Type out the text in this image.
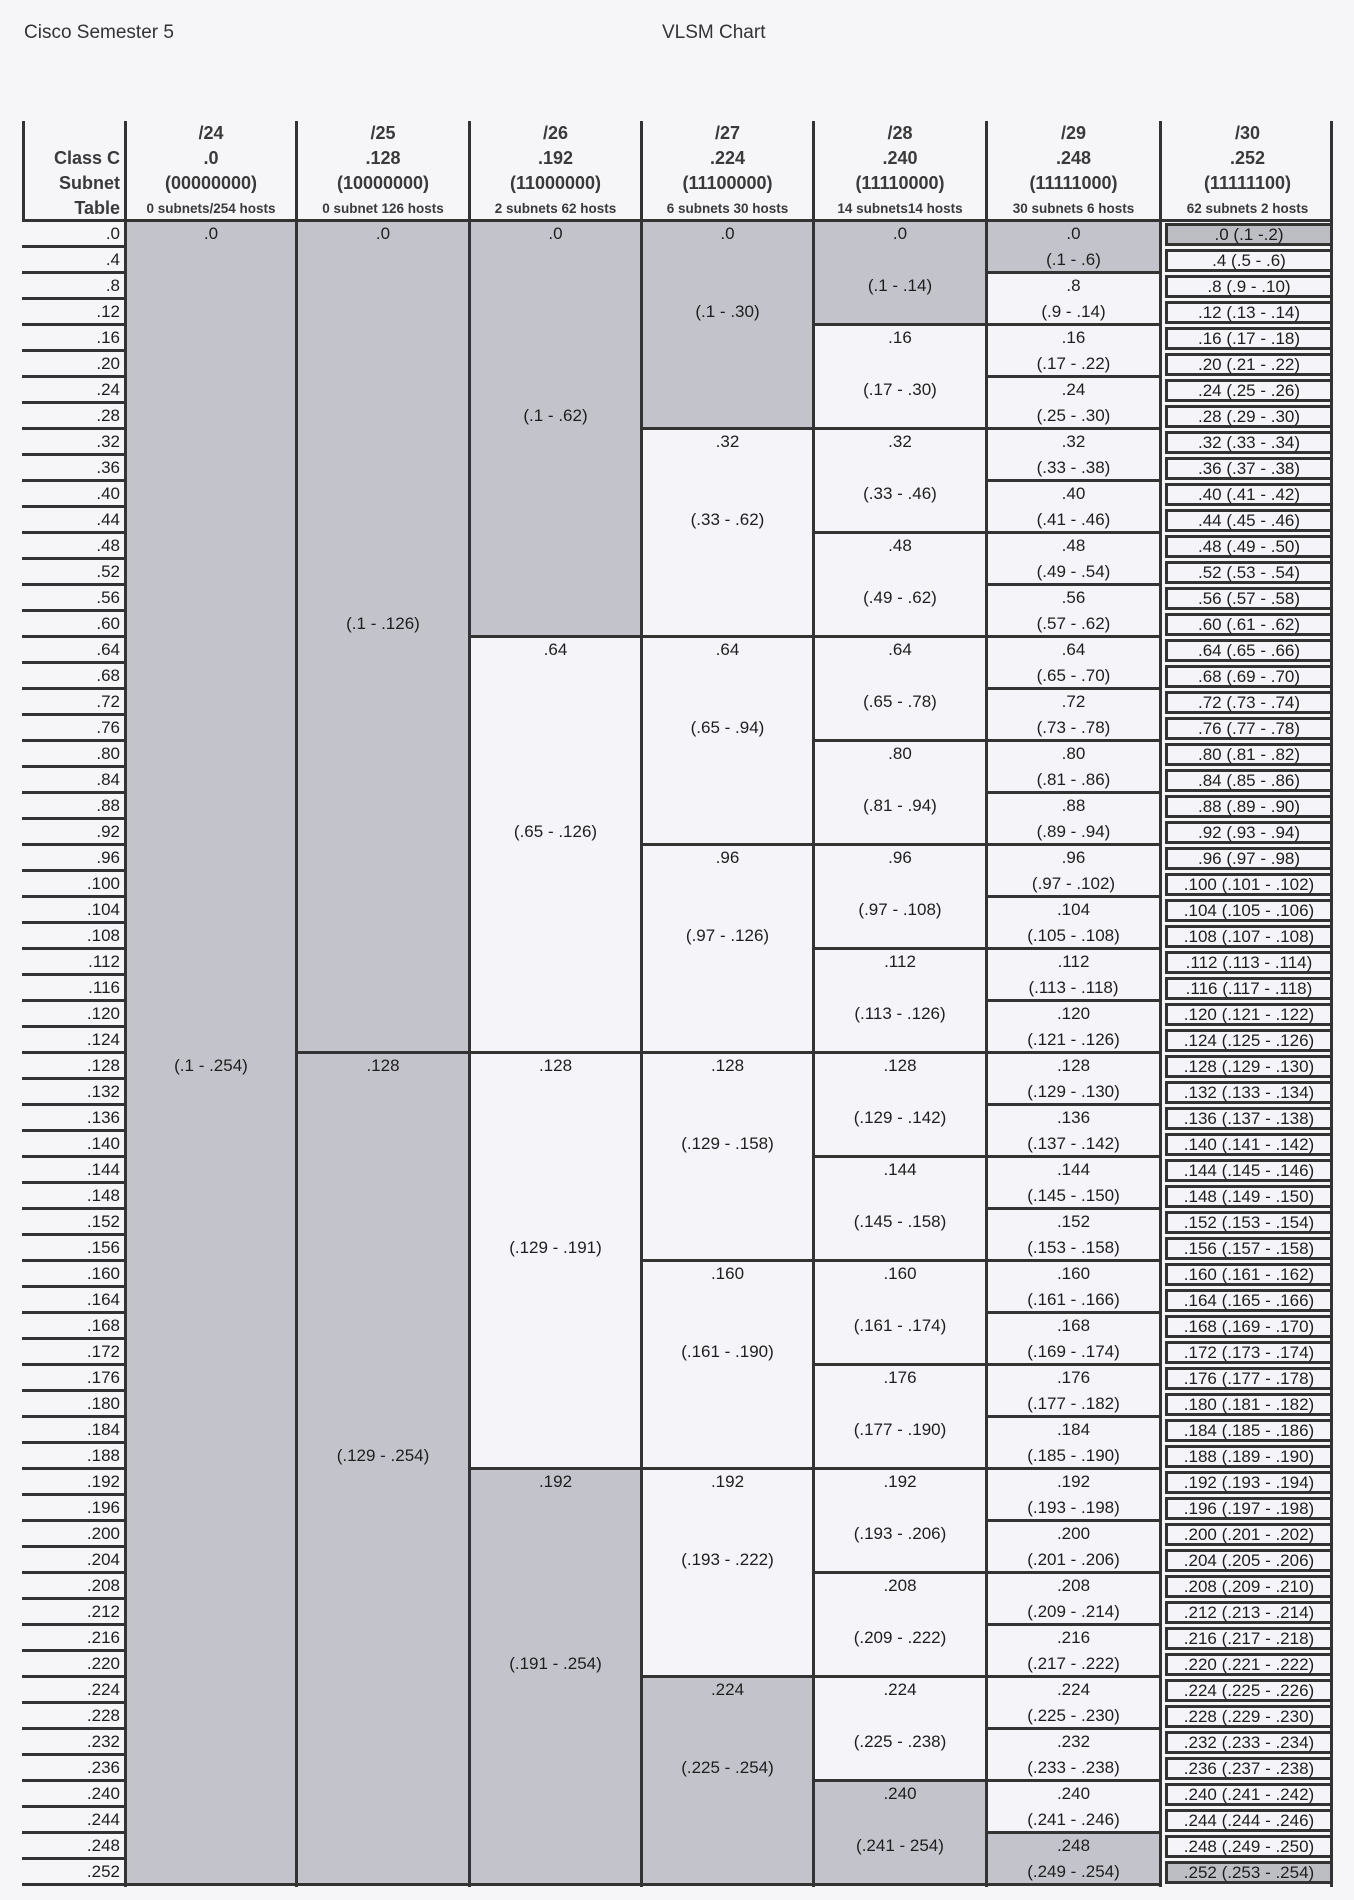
Cisco Semester 5	VLSM Chart
Class C
Subnet
Table
.0
.4
.8
.12
.16
.20
.24
.28
.32
.36
.40
.44
.48
.52
.56
.60
.64
.68
.72
.76
.80
.84
.88
.92
.96
.100
.104
.108
.112
.116
.120
.124
.128
.132
.136
.140
.144
.148
.152
.156
.160
.164
.168
.172
.176
.180
.184
.188
.192
.196
.200
.204
.208
.212
.216
.220
.224
.228
.232
.236
.240
.244
.248
.252
/24
.0
(00000000)
0 subnets/254 hosts
.0
(.1 - .254)
/25
.128
(10000000)
0 subnet 126 hosts
.0
(.1 - .126)
.128
(.129 - .254)
/26
.192
(11000000)
2 subnets 62 hosts
.0
(.1 - .62)
.64
(.65 - .126)
.128
(.129 - .191)
.192
(.191 - .254)
/27
.224
(11100000)
6 subnets 30 hosts
.0
(.1 - .30)
.32
(.33 - .62)
.64
(.65 - .94)
.96
(.97 - .126)
.128
(.129 - .158)
.160
(.161 - .190)
.192
(.193 - .222)
.224
(.225 - .254)
/28
.240
(11110000)
14 subnets14 hosts
.0
(.1 - .14)
.16
(.17 - .30)
.32
(.33 - .46)
.48
(.49 - .62)
.64
(.65 - .78)
.80
(.81 - .94)
.96
(.97 - .108)
.112
(.113 - .126)
.128
(.129 - .142)
.144
(.145 - .158)
.160
(.161 - .174)
.176
(.177 - .190)
.192
(.193 - .206)
.208
(.209 - .222)
.224
(.225 - .238)
.240
(.241 - 254)
/29
.248
(11111000)
30 subnets 6 hosts
.0
(.1 - .6)
.8
(.9 - .14)
.16
(.17 - .22)
.24
(.25 - .30)
.32
(.33 - .38)
.40
(.41 - .46)
.48
(.49 - .54)
.56
(.57 - .62)
.64
(.65 - .70)
.72
(.73 - .78)
.80
(.81 - .86)
.88
(.89 - .94)
.96
(.97 - .102)
.104
(.105 - .108)
.112
(.113 - .118)
.120
(.121 - .126)
.128
(.129 - .130)
.136
(.137 - .142)
.144
(.145 - .150)
.152
(.153 - .158)
.160
(.161 - .166)
.168
(.169 - .174)
.176
(.177 - .182)
.184
(.185 - .190)
.192
(.193 - .198)
.200
(.201 - .206)
.208
(.209 - .214)
.216
(.217 - .222)
.224
(.225 - .230)
.232
(.233 - .238)
.240
(.241 - .246)
.248
(.249 - .254)
/30
.252
(11111100)
62 subnets 2 hosts
.0 (.1 -.2)
.4 (.5 - .6)
.8 (.9 - .10)
.12 (.13 - .14)
.16 (.17 - .18)
.20 (.21 - .22)
.24 (.25 - .26)
.28 (.29 - .30)
.32 (.33 - .34)
.36 (.37 - .38)
.40 (.41 - .42)
.44 (.45 - .46)
.48 (.49 - .50)
.52 (.53 - .54)
.56 (.57 - .58)
.60 (.61 - .62)
.64 (.65 - .66)
.68 (.69 - .70)
.72 (.73 - .74)
.76 (.77 - .78)
.80 (.81 - .82)
.84 (.85 - .86)
.88 (.89 - .90)
.92 (.93 - .94)
.96 (.97 - .98)
.100 (.101 - .102)
.104 (.105 - .106)
.108 (.107 - .108)
.112 (.113 - .114)
.116 (.117 - .118)
.120 (.121 - .122)
.124 (.125 - .126)
.128 (.129 - .130)
.132 (.133 - .134)
.136 (.137 - .138)
.140 (.141 - .142)
.144 (.145 - .146)
.148 (.149 - .150)
.152 (.153 - .154)
.156 (.157 - .158)
.160 (.161 - .162)
.164 (.165 - .166)
.168 (.169 - .170)
.172 (.173 - .174)
.176 (.177 - .178)
.180 (.181 - .182)
.184 (.185 - .186)
.188 (.189 - .190)
.192 (.193 - .194)
.196 (.197 - .198)
.200 (.201 - .202)
.204 (.205 - .206)
.208 (.209 - .210)
.212 (.213 - .214)
.216 (.217 - .218)
.220 (.221 - .222)
.224 (.225 - .226)
.228 (.229 - .230)
.232 (.233 - .234)
.236 (.237 - .238)
.240 (.241 - .242)
.244 (.244 - .246)
.248 (.249 - .250)
.252 (.253 - .254)
